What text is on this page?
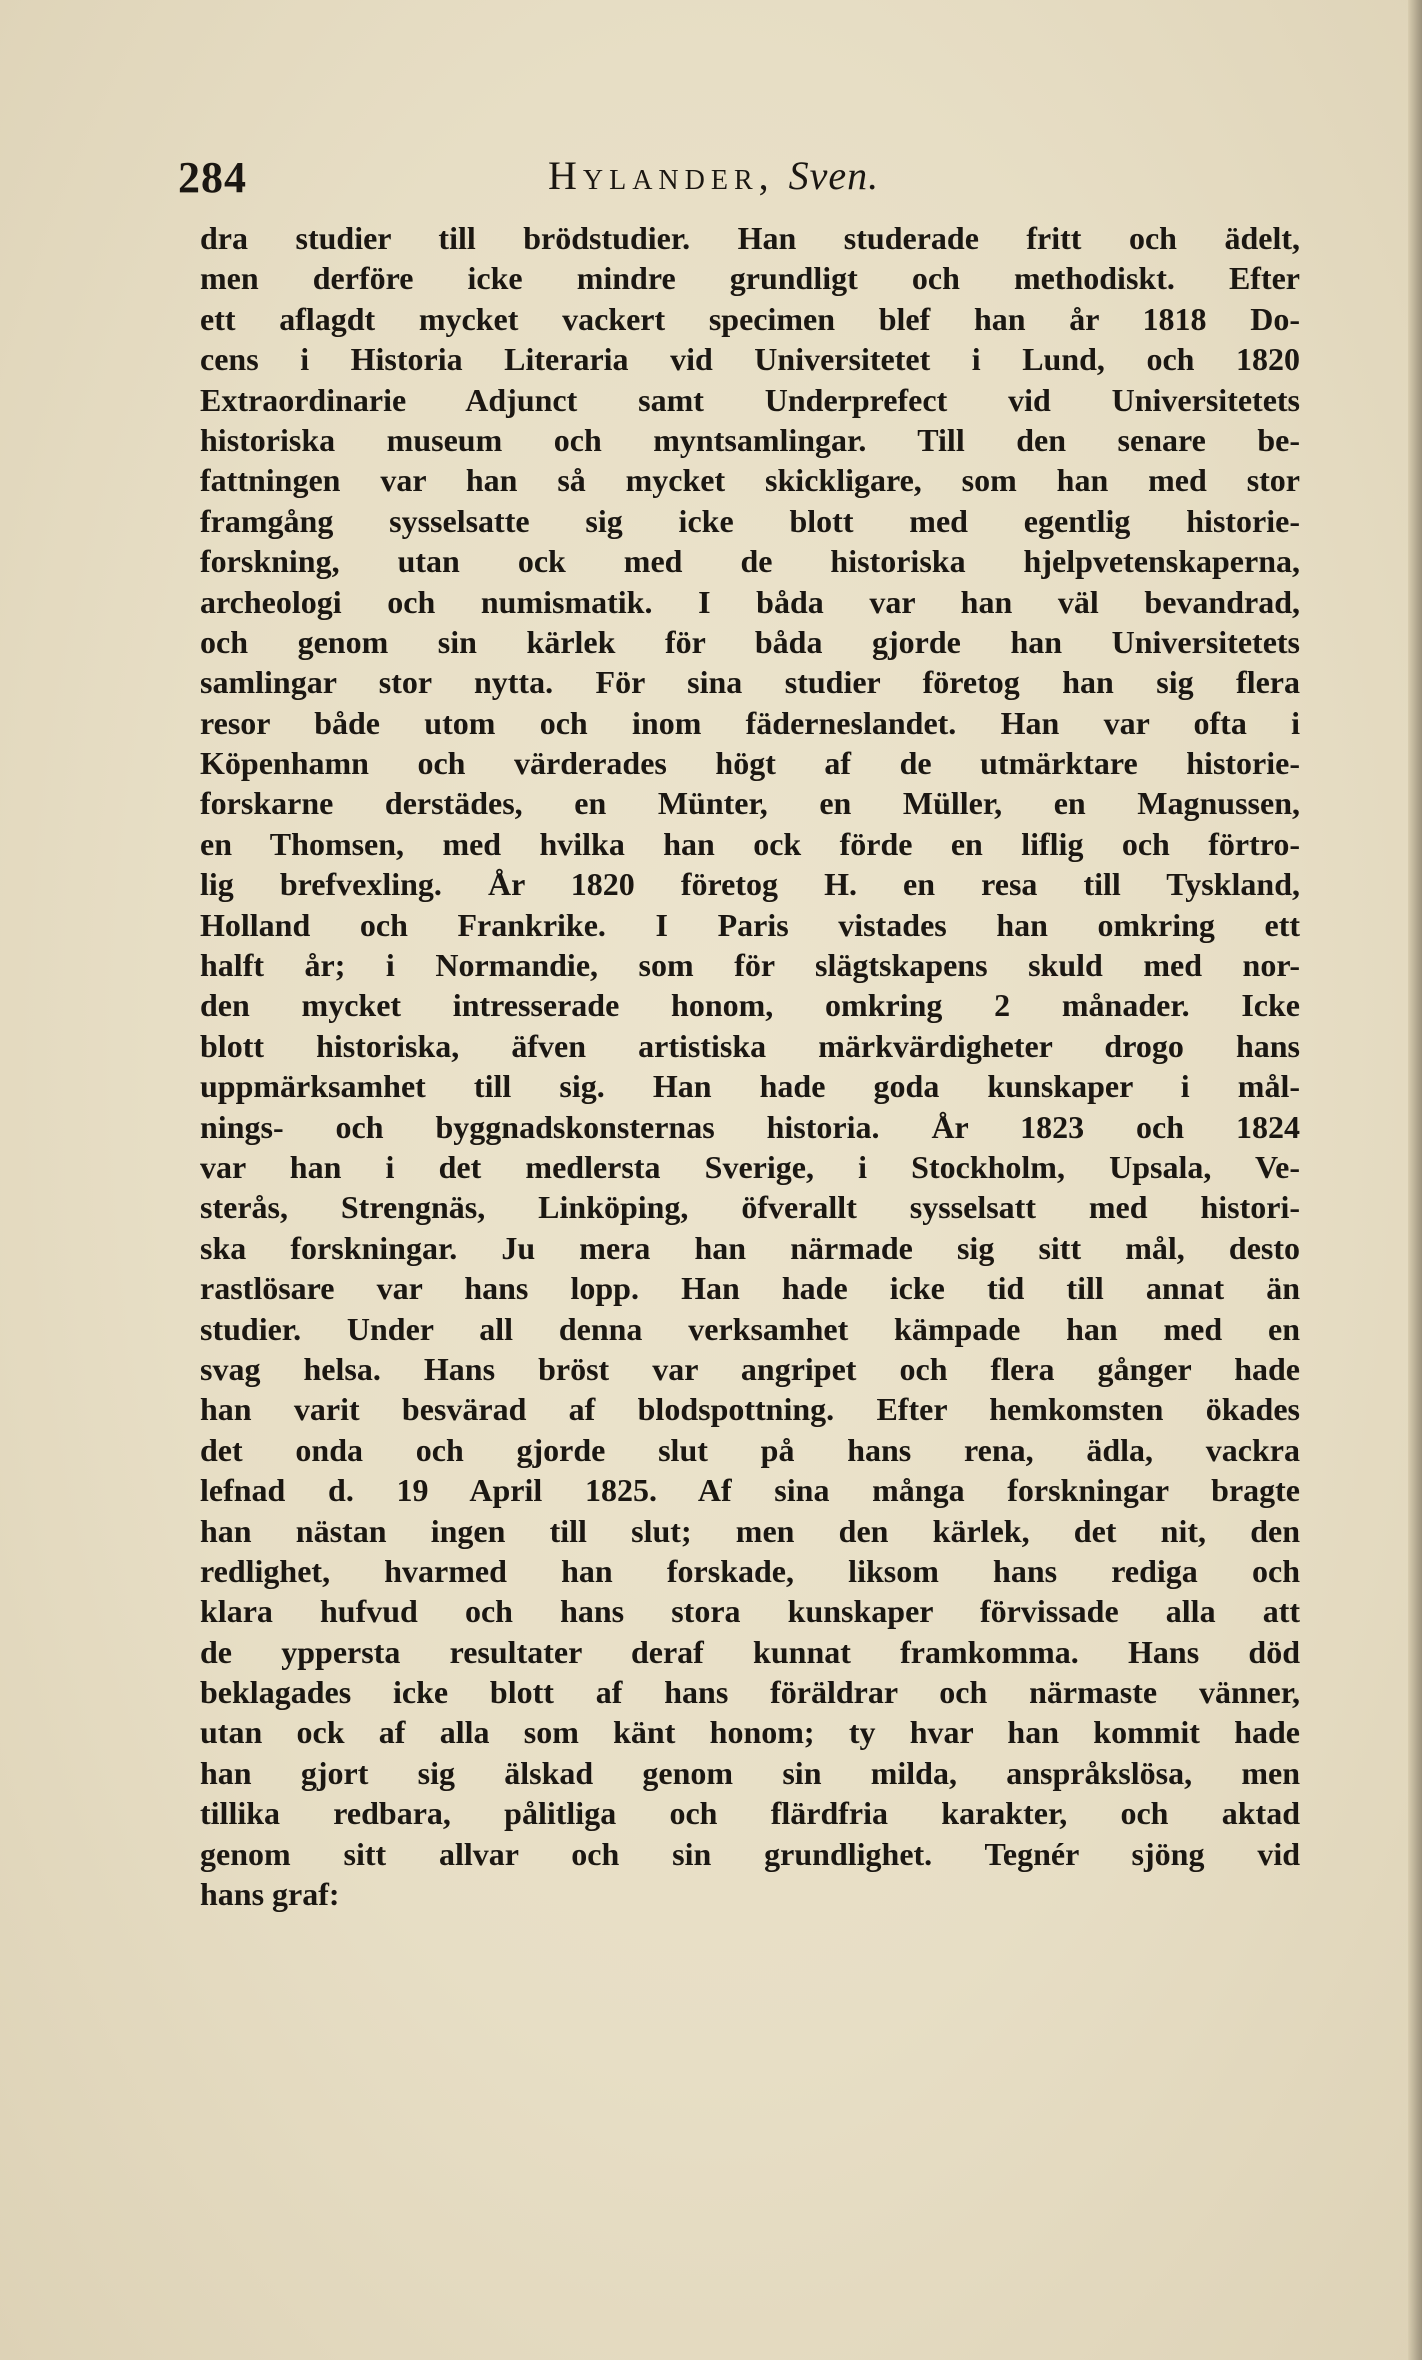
284	Hylander, Sven.
dra studier till brödstudier. Han studerade fritt och ädelt,
men derföre icke mindre grundligt och methodiskt. Efter
ett aflagdt mycket vackert specimen blef han år 1818 Do-
cens i Historia Literaria vid Universitetet i Lund, och 1820
Extraordinarie Adjunct samt Underprefect vid Universitetets
historiska museum och myntsamlingar. Till den senare be-
fattningen var han så mycket skickligare, som han med stor
framgång sysselsatte sig icke blott med egentlig historie-
forskning, utan ock med de historiska hjelpvetenskaperna,
archeologi och numismatik. I båda var han väl bevandrad,
och genom sin kärlek för båda gjorde han Universitetets
samlingar stor nytta. För sina studier företog han sig flera
resor både utom och inom fäderneslandet. Han var ofta i
Köpenhamn och värderades högt af de utmärktare historie-
forskarne derstädes, en Münter, en Müller, en Magnussen,
en Thomsen, med hvilka han ock förde en liflig och förtro-
lig brefvexling. År 1820 företog H. en resa till Tyskland,
Holland och Frankrike. I Paris vistades han omkring ett
halft år; i Normandie, som för slägtskapens skuld med nor-
den mycket intresserade honom, omkring 2 månader. Icke
blott historiska, äfven artistiska märkvärdigheter drogo hans
uppmärksamhet till sig. Han hade goda kunskaper i mål-
nings- och byggnadskonsternas historia. År 1823 och 1824
var han i det medlersta Sverige, i Stockholm, Upsala, Ve-
sterås, Strengnäs, Linköping, öfverallt sysselsatt med histori-
ska forskningar. Ju mera han närmade sig sitt mål, desto
rastlösare var hans lopp. Han hade icke tid till annat än
studier. Under all denna verksamhet kämpade han med en
svag helsa. Hans bröst var angripet och flera gånger hade
han varit besvärad af blodspottning. Efter hemkomsten ökades
det onda och gjorde slut på hans rena, ädla, vackra
lefnad d. 19 April 1825. Af sina många forskningar bragte
han nästan ingen till slut; men den kärlek, det nit, den
redlighet, hvarmed han forskade, liksom hans rediga och
klara hufvud och hans stora kunskaper förvissade alla att
de yppersta resultater deraf kunnat framkomma. Hans död
beklagades icke blott af hans föräldrar och närmaste vänner,
utan ock af alla som känt honom; ty hvar han kommit hade
han gjort sig älskad genom sin milda, anspråkslösa, men
tillika redbara, pålitliga och flärdfria karakter, och aktad
genom sitt allvar och sin grundlighet. Tegnér sjöng vid
hans graf:
